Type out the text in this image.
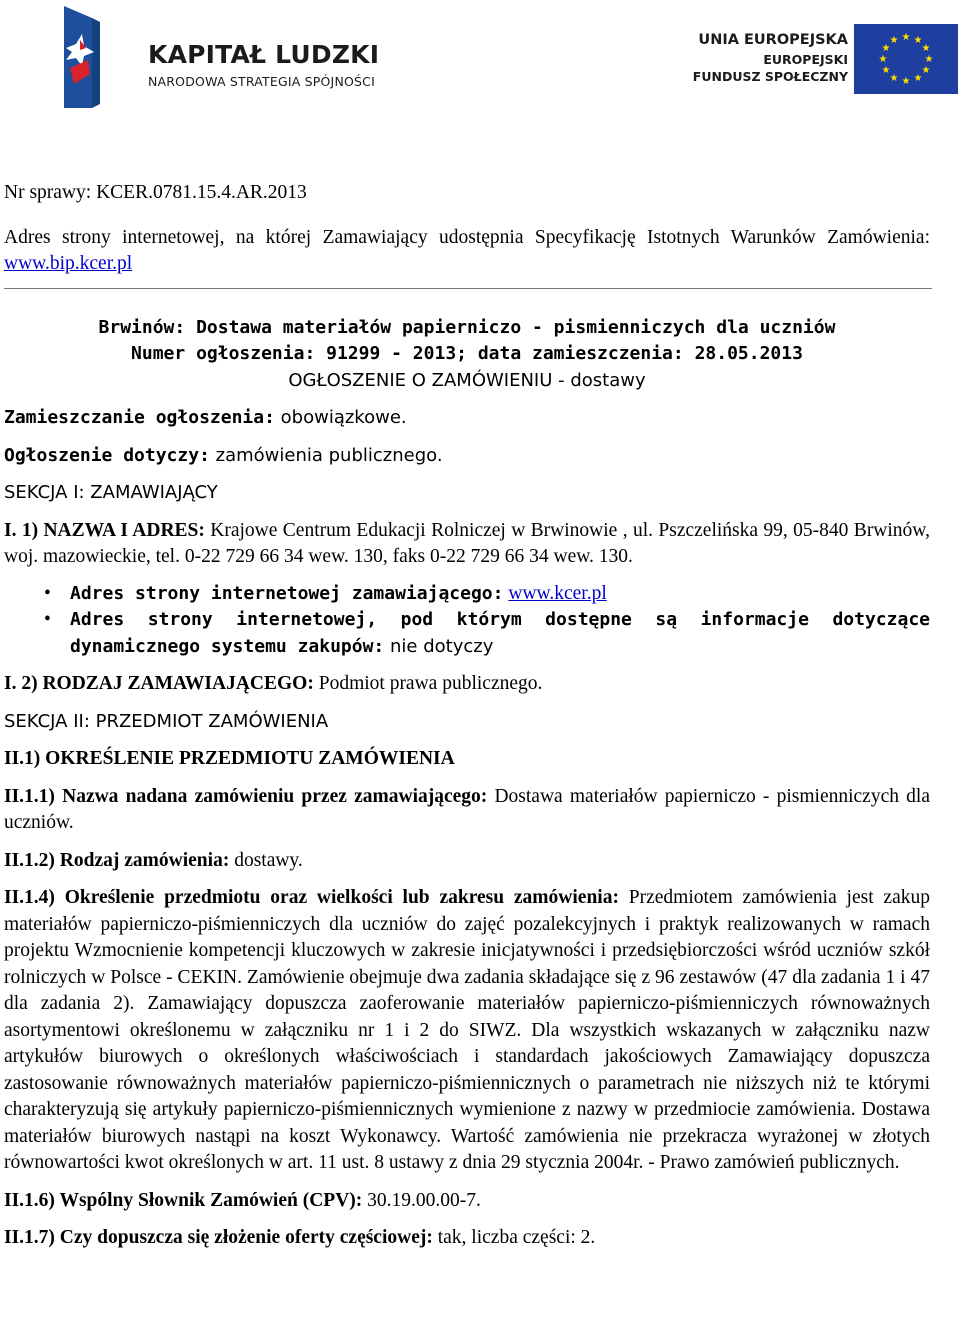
KAPITAŁ LUDZKI
NARODOWA STRATEGIA SPÓJNOŚCI
UNIA EUROPEJSKA
EUROPEJSKI
FUNDUSZ SPOŁECZNY
★ ★
★
★
★
★
★
★
★
★
★
★

Nr sprawy: KCER.0781.15.4.AR.2013

Adres strony internetowej, na której Zamawiający udostępnia Specyfikację Istotnych Warunków Zamówienia: www.bip.kcer.pl

Brwinów: Dostawa materiałów papierniczo - pismienniczych dla uczniów

Numer ogłoszenia: 91299 - 2013; data zamieszczenia: 28.05.2013

OGŁOSZENIE O ZAMÓWIENIU - dostawy

Zamieszczanie ogłoszenia: obowiązkowe.

Ogłoszenie dotyczy: zamówienia publicznego.

SEKCJA I: ZAMAWIAJĄCY

I. 1) NAZWA I ADRES: Krajowe Centrum Edukacji Rolniczej w Brwinowie , ul. Pszczelińska 99, 05-840 Brwinów, woj. mazowieckie, tel. 0-22 729 66 34 wew. 130, faks 0-22 729 66 34 wew. 130.

• Adres strony internetowej zamawiającego: www.kcer.pl
• Adres strony internetowej, pod którym dostępne są informacje dotyczące dynamicznego systemu zakupów: nie dotyczy

I. 2) RODZAJ ZAMAWIAJĄCEGO: Podmiot prawa publicznego.

SEKCJA II: PRZEDMIOT ZAMÓWIENIA

II.1) OKREŚLENIE PRZEDMIOTU ZAMÓWIENIA

II.1.1) Nazwa nadana zamówieniu przez zamawiającego: Dostawa materiałów papierniczo - pismienniczych dla uczniów.

II.1.2) Rodzaj zamówienia: dostawy.

II.1.4) Określenie przedmiotu oraz wielkości lub zakresu zamówienia: Przedmiotem zamówienia jest zakup materiałów papierniczo-piśmienniczych dla uczniów do zajęć pozalekcyjnych i praktyk realizowanych w ramach projektu Wzmocnienie kompetencji kluczowych w zakresie inicjatywności i przedsiębiorczości wśród uczniów szkół rolniczych w Polsce - CEKIN. Zamówienie obejmuje dwa zadania składające się z 96 zestawów (47 dla zadania 1 i 47 dla zadania 2). Zamawiający dopuszcza zaoferowanie materiałów papierniczo-piśmienniczych równoważnych asortymentowi określonemu w załączniku nr 1 i 2 do SIWZ. Dla wszystkich wskazanych w załączniku nazw artykułów biurowych o określonych właściwościach i standardach jakościowych Zamawiający dopuszcza zastosowanie równoważnych materiałów papierniczo-piśmiennicznych o parametrach nie niższych niż te którymi charakteryzują się artykuły papierniczo-piśmiennicznych wymienione z nazwy w przedmiocie zamówienia. Dostawa materiałów biurowych nastąpi na koszt Wykonawcy. Wartość zamówienia nie przekracza wyrażonej w złotych równowartości kwot określonych w art. 11 ust. 8 ustawy z dnia 29 stycznia 2004r. - Prawo zamówień publicznych.

II.1.6) Wspólny Słownik Zamówień (CPV): 30.19.00.00-7.

II.1.7) Czy dopuszcza się złożenie oferty częściowej: tak, liczba części: 2.
